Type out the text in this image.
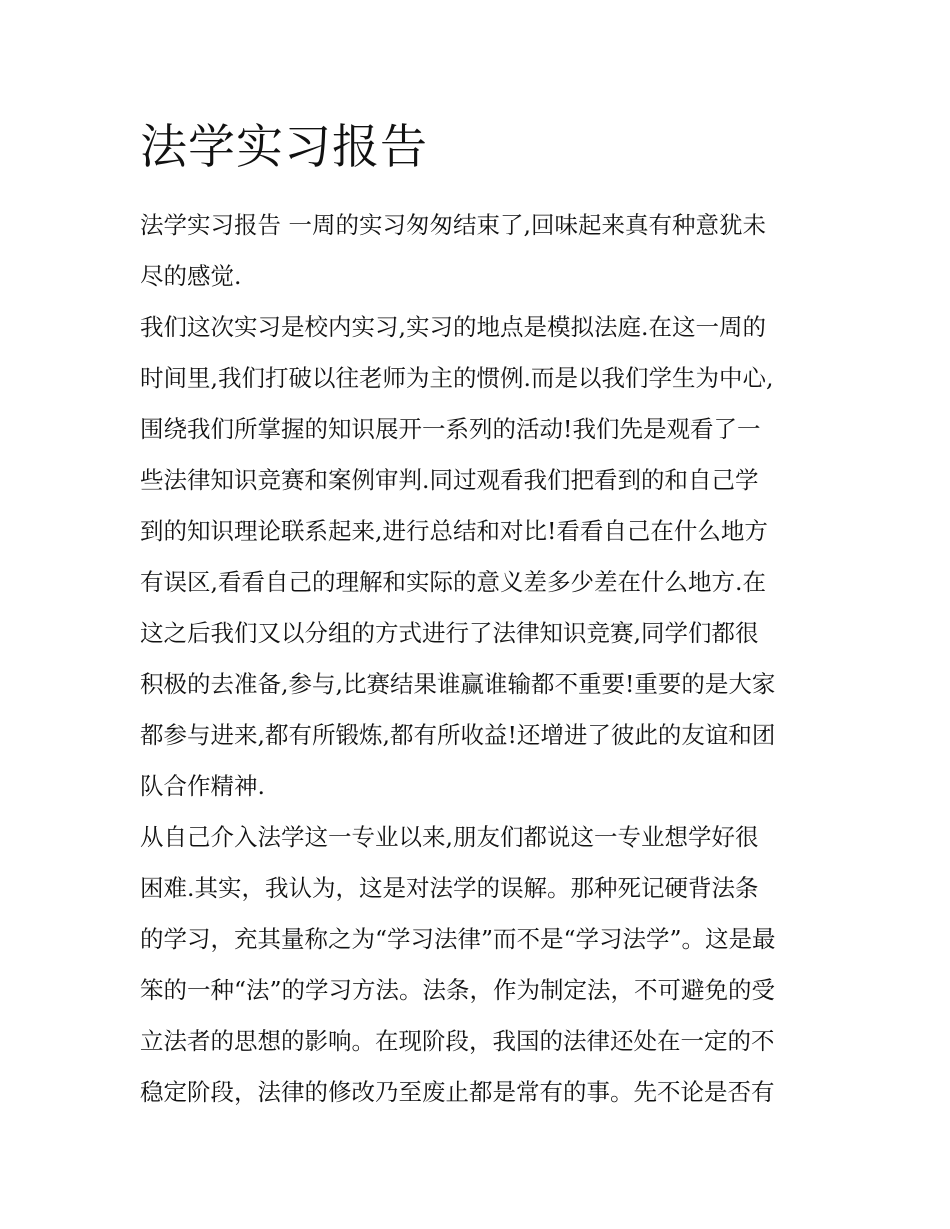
法学实习报告

法学实习报告 一周的实习匆匆结束了,回味起来真有种意犹未
尽的感觉.

我们这次实习是校内实习,实习的地点是模拟法庭.在这一周的
时间里,我们打破以往老师为主的惯例.而是以我们学生为中心,
围绕我们所掌握的知识展开一系列的活动!我们先是观看了一
些法律知识竞赛和案例审判.同过观看我们把看到的和自己学
到的知识理论联系起来,进行总结和对比!看看自己在什么地方
有误区,看看自己的理解和实际的意义差多少差在什么地方.在
这之后我们又以分组的方式进行了法律知识竞赛,同学们都很
积极的去准备,参与,比赛结果谁赢谁输都不重要!重要的是大家
都参与进来,都有所锻炼,都有所收益!还增进了彼此的友谊和团
队合作精神.

从自己介入法学这一专业以来,朋友们都说这一专业想学好很
困难.其实，我认为，这是对法学的误解。那种死记硬背法条
的学习，充其量称之为“学习法律”而不是“学习法学”。这是最
笨的一种“法”的学习方法。法条，作为制定法，不可避免的受
立法者的思想的影响。在现阶段，我国的法律还处在一定的不
稳定阶段，法律的修改乃至废止都是常有的事。先不论是否有
